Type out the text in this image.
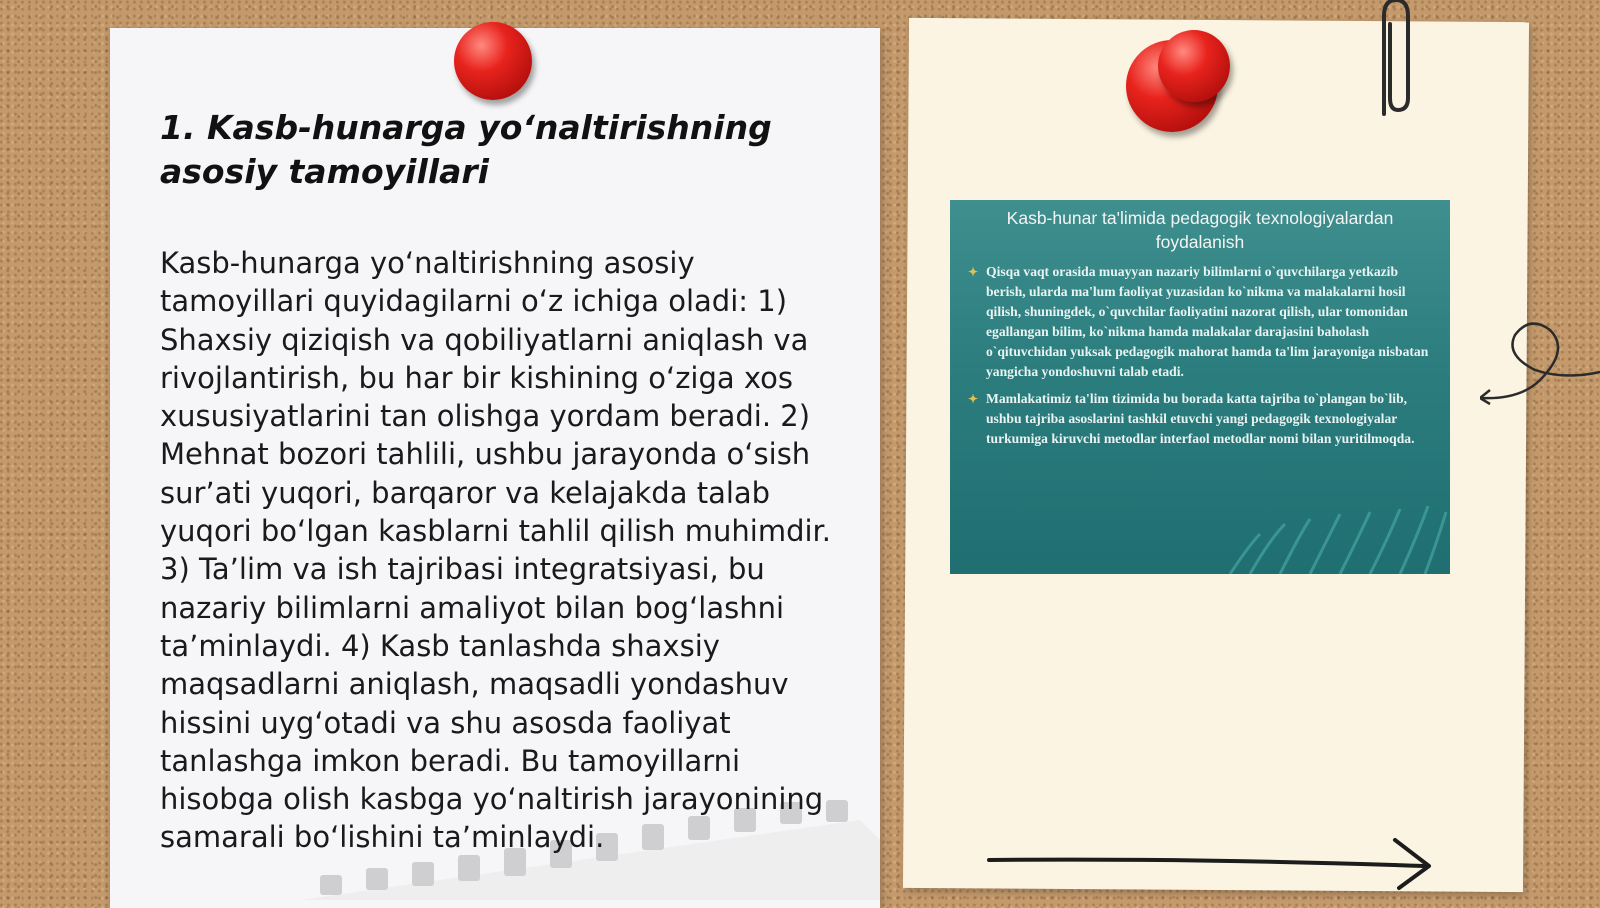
1. Kasb-hunarga yoʻnaltirishning asosiy tamoyillari
Kasb-hunarga yoʻnaltirishning asosiy tamoyillari quyidagilarni oʻz ichiga oladi: 1) Shaxsiy qiziqish va qobiliyatlarni aniqlash va rivojlantirish, bu har bir kishining oʻziga xos xususiyatlarini tan olishga yordam beradi. 2) Mehnat bozori tahlili, ushbu jarayonda oʻsish surʼati yuqori, barqaror va kelajakda talab yuqori boʻlgan kasblarni tahlil qilish muhimdir. 3) Taʼlim va ish tajribasi integratsiyasi, bu nazariy bilimlarni amaliyot bilan bogʻlashni taʼminlaydi. 4) Kasb tanlashda shaxsiy maqsadlarni aniqlash, maqsadli yondashuv hissini uygʻotadi va shu asosda faoliyat tanlashga imkon beradi. Bu tamoyillarni hisobga olish kasbga yoʻnaltirish jarayonining samarali boʻlishini taʼminlaydi.
Kasb-hunar ta'limida pedagogik texnologiyalardan foydalanish
✦ Qisqa vaqt orasida muayyan nazariy bilimlarni o`quvchilarga yetkazib berish, ularda ma'lum faoliyat yuzasidan ko`nikma va malakalarni hosil qilish, shuningdek, o`quvchilar faoliyatini nazorat qilish, ular tomonidan egallangan bilim, ko`nikma hamda malakalar darajasini baholash o`qituvchidan yuksak pedagogik mahorat hamda ta'lim jarayoniga nisbatan yangicha yondoshuvni talab etadi.
✦ Mamlakatimiz ta'lim tizimida bu borada katta tajriba to`plangan bo`lib, ushbu tajriba asoslarini tashkil etuvchi yangi pedagogik texnologiyalar turkumiga kiruvchi metodlar interfaol metodlar nomi bilan yuritilmoqda.
